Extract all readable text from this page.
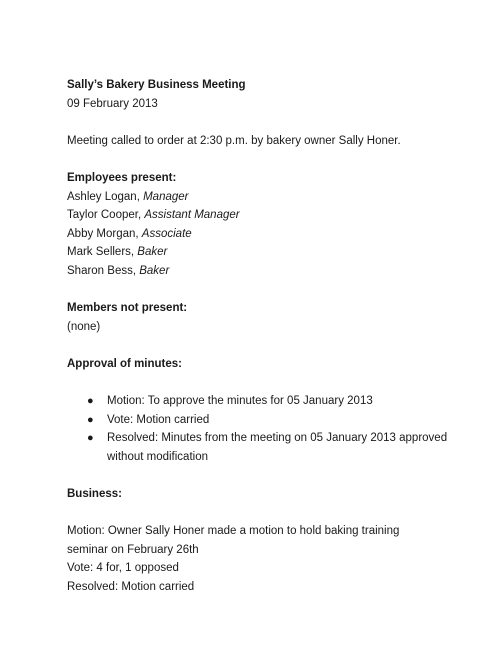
Sally’s Bakery Business Meeting
09 February 2013
Meeting called to order at 2:30 p.m. by bakery owner Sally Honer.
Employees present:
Ashley Logan, Manager
Taylor Cooper, Assistant Manager
Abby Morgan, Associate
Mark Sellers, Baker
Sharon Bess, Baker
Members not present:
(none)
Approval of minutes:
● Motion: To approve the minutes for 05 January 2013
● Vote: Motion carried
● Resolved: Minutes from the meeting on 05 January 2013 approved without modification
Business:
Motion: Owner Sally Honer made a motion to hold baking training seminar on February 26th
Vote: 4 for, 1 opposed
Resolved: Motion carried
